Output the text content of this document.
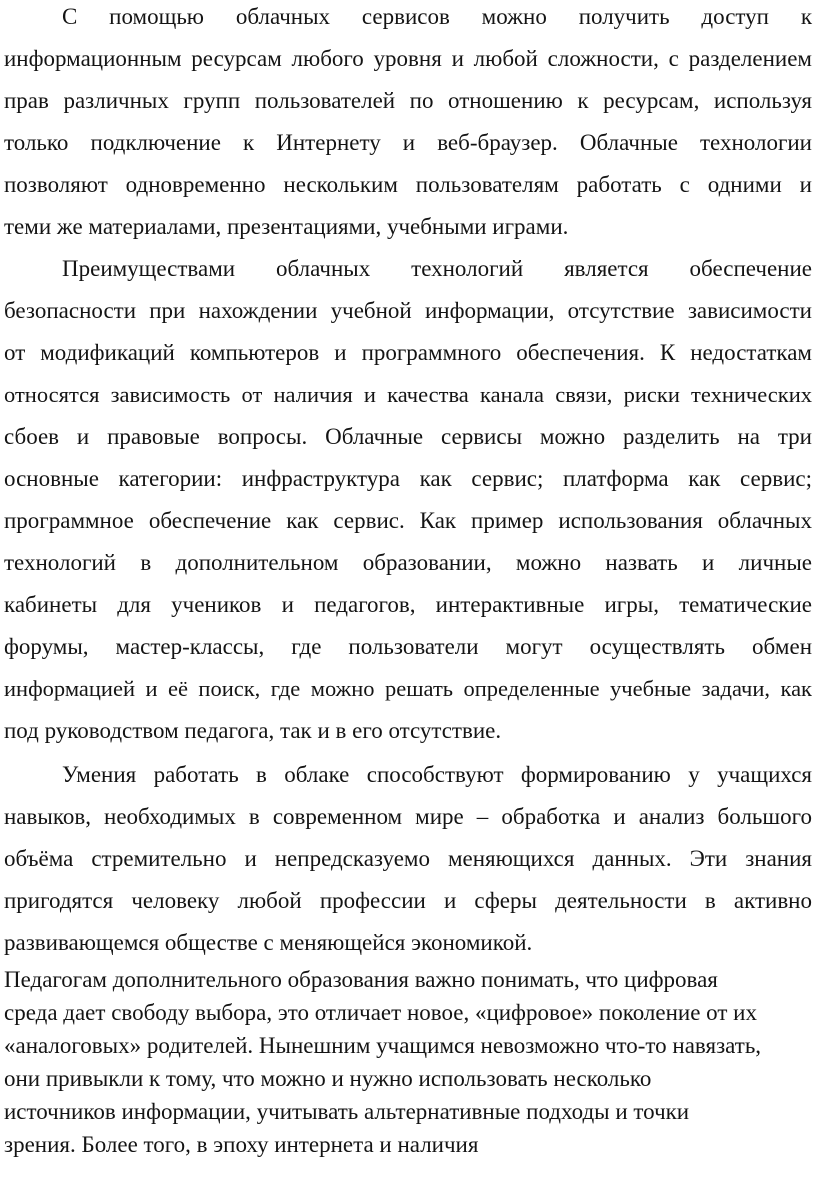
С помощью облачных сервисов можно получить доступ к
информационным ресурсам любого уровня и любой сложности, с разделением
прав различных групп пользователей по отношению к ресурсам, используя
только подключение к Интернету и веб-браузер. Облачные технологии
позволяют одновременно нескольким пользователям работать с одними и
теми же материалами, презентациями, учебными играми.
Преимуществами облачных технологий является обеспечение
безопасности при нахождении учебной информации, отсутствие зависимости
от модификаций компьютеров и программного обеспечения. К недостаткам
относятся зависимость от наличия и качества канала связи, риски технических
сбоев и правовые вопросы. Облачные сервисы можно разделить на три
основные категории: инфраструктура как сервис; платформа как сервис;
программное обеспечение как сервис. Как пример использования облачных
технологий в дополнительном образовании, можно назвать и личные
кабинеты для учеников и педагогов, интерактивные игры, тематические
форумы, мастер-классы, где пользователи могут осуществлять обмен
информацией и её поиск, где можно решать определенные учебные задачи, как
под руководством педагога, так и в его отсутствие.
Умения работать в облаке способствуют формированию у учащихся
навыков, необходимых в современном мире – обработка и анализ большого
объёма стремительно и непредсказуемо меняющихся данных. Эти знания
пригодятся человеку любой профессии и сферы деятельности в активно
развивающемся обществе с меняющейся экономикой.
Педагогам дополнительного образования важно понимать, что цифровая
среда дает свободу выбора, это отличает новое, «цифровое» поколение от их
«аналоговых» родителей. Нынешним учащимся невозможно что-то навязать,
они привыкли к тому, что можно и нужно использовать несколько
источников информации, учитывать альтернативные подходы и точки
зрения. Более того, в эпоху интернета и наличия
